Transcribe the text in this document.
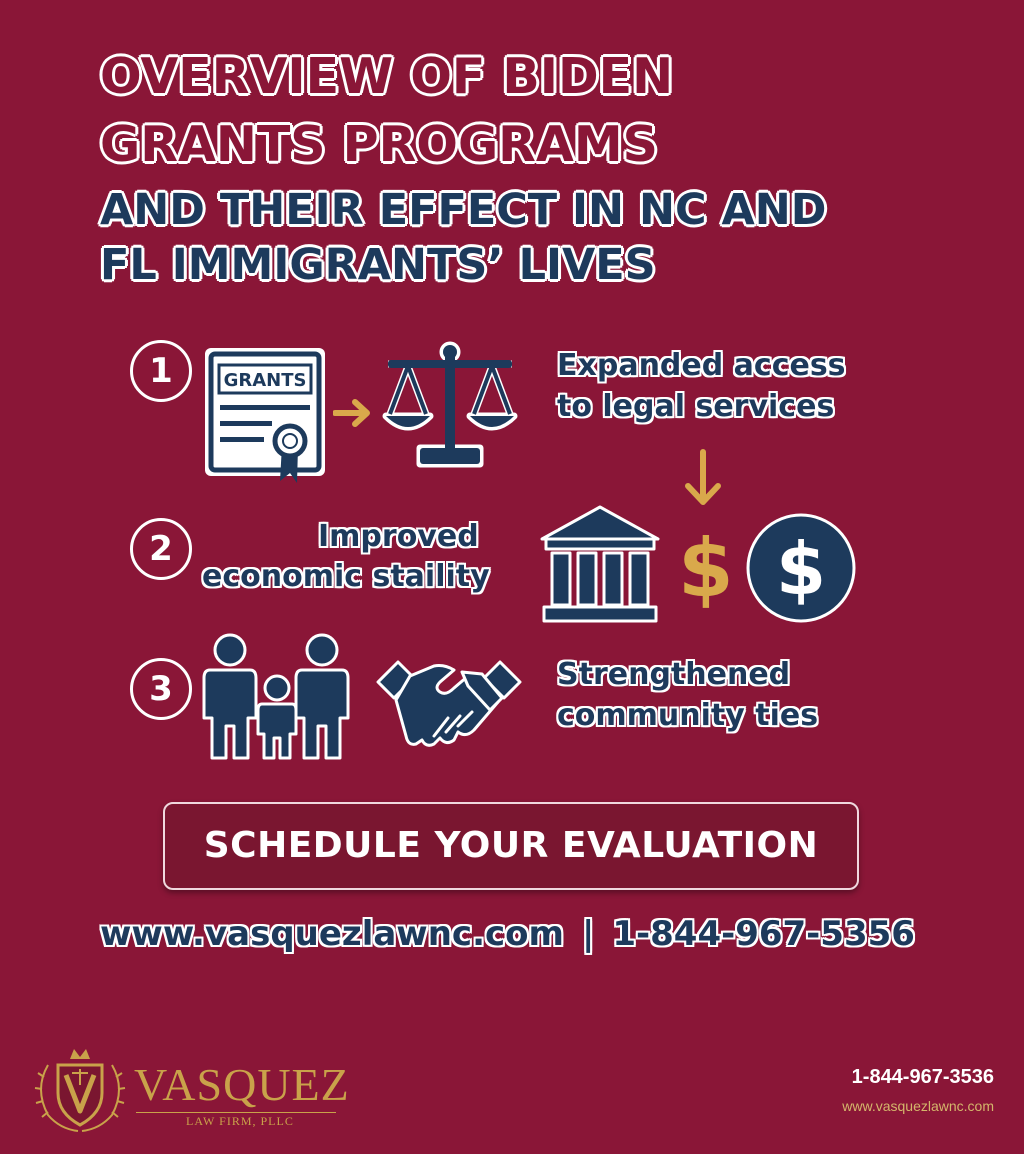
OVERVIEW OF BIDEN
GRANTS PROGRAMS
AND THEIR EFFECT IN NC AND
FL IMMIGRANTS’ LIVES
1	GRANTS	Expanded access
to legal services
2	Improved
economic staility $ $
3	Strengthened
community ties
SCHEDULE YOUR EVALUATION
www.vasquezlawnc.com | 1-844-967-5356
VASQUEZ
LAW FIRM, PLLC
1-844-967-3536
www.vasquezlawnc.com
